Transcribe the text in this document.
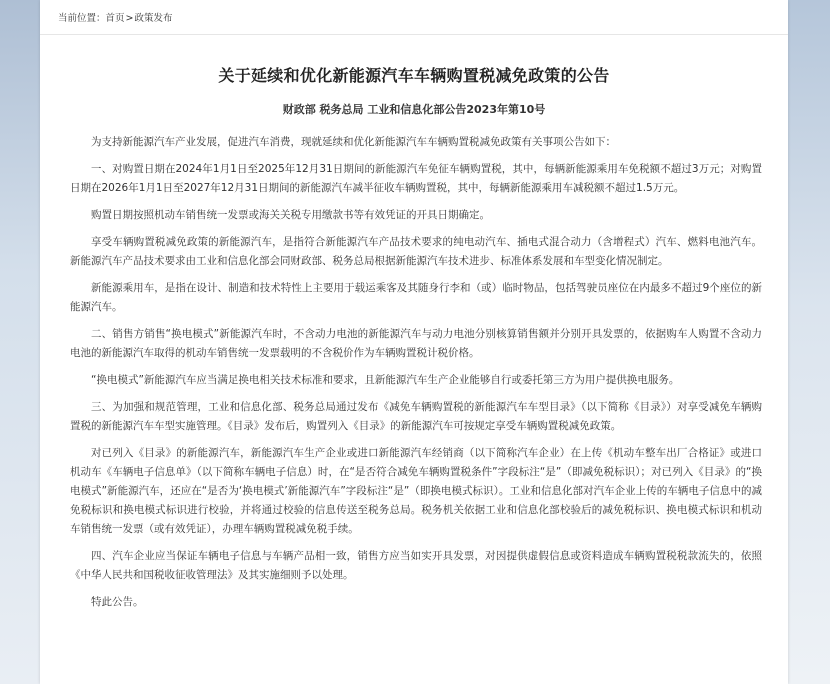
当前位置：首页>政策发布
关于延续和优化新能源汽车车辆购置税减免政策的公告
财政部 税务总局 工业和信息化部公告2023年第10号

为支持新能源汽车产业发展，促进汽车消费，现就延续和优化新能源汽车车辆购置税减免政策有关事项公告如下：

一、对购置日期在2024年1月1日至2025年12月31日期间的新能源汽车免征车辆购置税，其中，每辆新能源乘用车免税额不超过3万元；对购置日期在2026年1月1日至2027年12月31日期间的新能源汽车减半征收车辆购置税，其中，每辆新能源乘用车减税额不超过1.5万元。

购置日期按照机动车销售统一发票或海关关税专用缴款书等有效凭证的开具日期确定。

享受车辆购置税减免政策的新能源汽车，是指符合新能源汽车产品技术要求的纯电动汽车、插电式混合动力（含增程式）汽车、燃料电池汽车。新能源汽车产品技术要求由工业和信息化部会同财政部、税务总局根据新能源汽车技术进步、标准体系发展和车型变化情况制定。

新能源乘用车，是指在设计、制造和技术特性上主要用于载运乘客及其随身行李和（或）临时物品，包括驾驶员座位在内最多不超过9个座位的新能源汽车。

二、销售方销售“换电模式”新能源汽车时，不含动力电池的新能源汽车与动力电池分别核算销售额并分别开具发票的，依据购车人购置不含动力电池的新能源汽车取得的机动车销售统一发票载明的不含税价作为车辆购置税计税价格。

“换电模式”新能源汽车应当满足换电相关技术标准和要求，且新能源汽车生产企业能够自行或委托第三方为用户提供换电服务。

三、为加强和规范管理，工业和信息化部、税务总局通过发布《减免车辆购置税的新能源汽车车型目录》（以下简称《目录》）对享受减免车辆购置税的新能源汽车车型实施管理。《目录》发布后，购置列入《目录》的新能源汽车可按规定享受车辆购置税减免政策。

对已列入《目录》的新能源汽车，新能源汽车生产企业或进口新能源汽车经销商（以下简称汽车企业）在上传《机动车整车出厂合格证》或进口机动车《车辆电子信息单》（以下简称车辆电子信息）时，在“是否符合减免车辆购置税条件”字段标注“是”（即减免税标识）；对已列入《目录》的“换电模式”新能源汽车，还应在“是否为‘换电模式’新能源汽车”字段标注“是”（即换电模式标识）。工业和信息化部对汽车企业上传的车辆电子信息中的减免税标识和换电模式标识进行校验，并将通过校验的信息传送至税务总局。税务机关依据工业和信息化部校验后的减免税标识、换电模式标识和机动车销售统一发票（或有效凭证），办理车辆购置税减免税手续。

四、汽车企业应当保证车辆电子信息与车辆产品相一致，销售方应当如实开具发票，对因提供虚假信息或资料造成车辆购置税税款流失的，依照《中华人民共和国税收征收管理法》及其实施细则予以处理。

特此公告。
